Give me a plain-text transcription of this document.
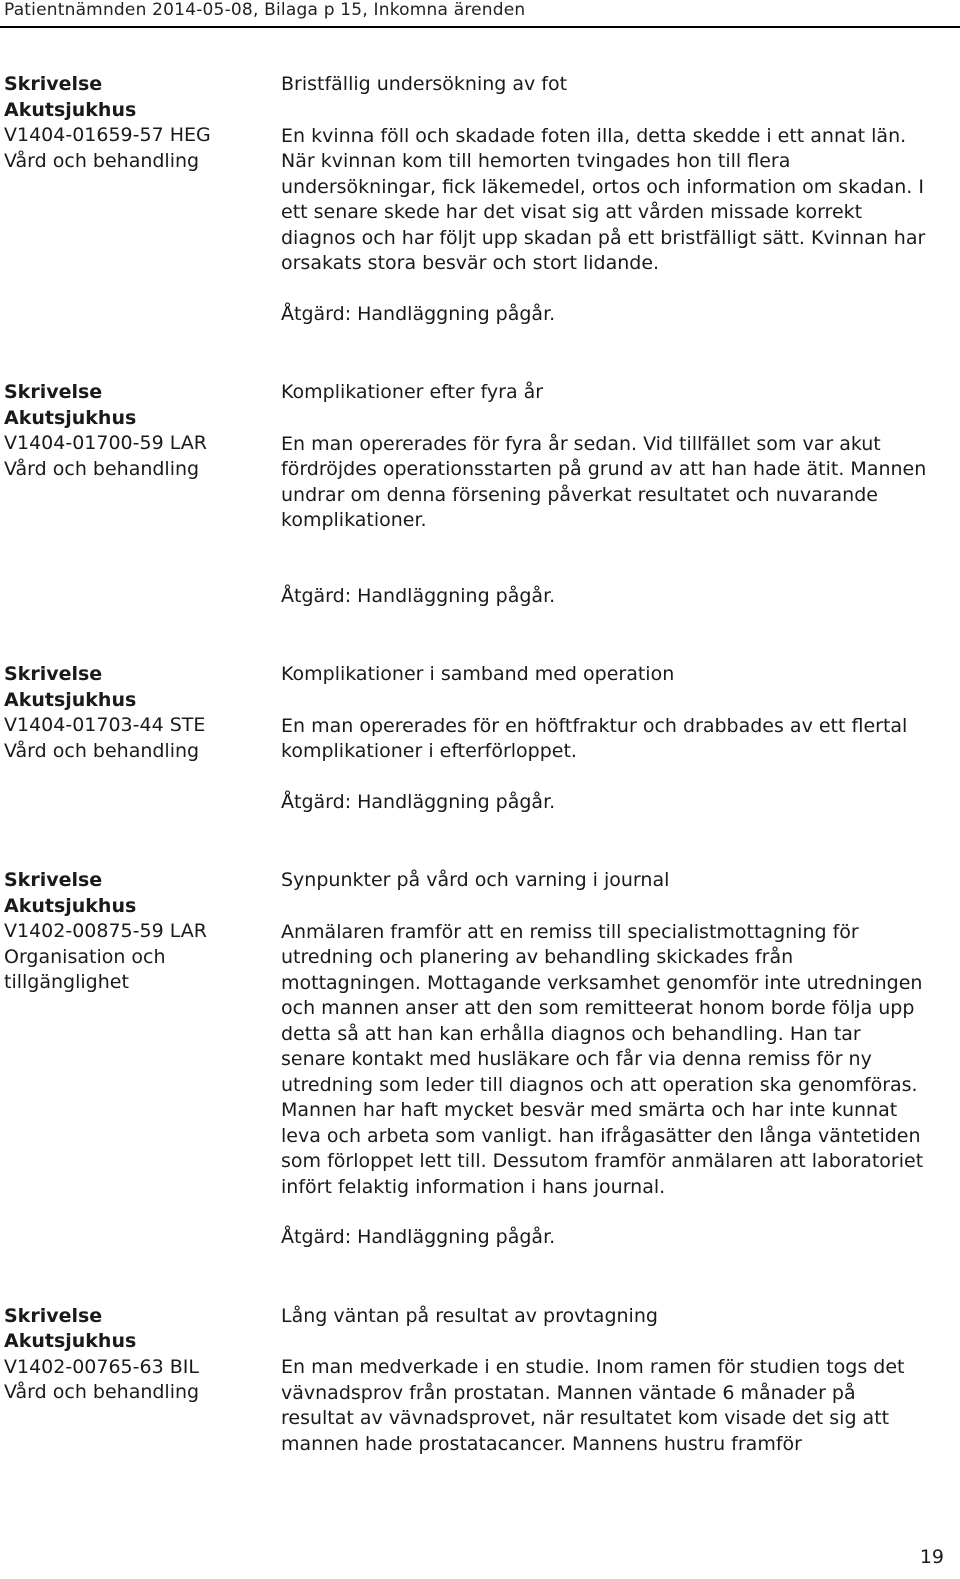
Patientnämnden 2014-05-08, Bilaga p 15, Inkomna ärenden
Skrivelse
Akutsjukhus
V1404-01659-57 HEG
Vård och behandling
Bristfällig undersökning av fot
En kvinna föll och skadade foten illa, detta skedde i ett annat län. När kvinnan kom till hemorten tvingades hon till flera undersökningar, fick läkemedel, ortos och information om skadan. I ett senare skede har det visat sig att vården missade korrekt diagnos och har följt upp skadan på ett bristfälligt sätt. Kvinnan har orsakats stora besvär och stort lidande.
Åtgärd: Handläggning pågår.
Skrivelse
Akutsjukhus
V1404-01700-59 LAR
Vård och behandling
Komplikationer efter fyra år
En man opererades för fyra år sedan. Vid tillfället som var akut fördröjdes operationsstarten på grund av att han hade ätit. Mannen undrar om denna försening påverkat resultatet och nuvarande komplikationer.
Åtgärd: Handläggning pågår.
Skrivelse
Akutsjukhus
V1404-01703-44 STE
Vård och behandling
Komplikationer i samband med operation
En man opererades för en höftfraktur och drabbades av ett flertal komplikationer i efterförloppet.
Åtgärd: Handläggning pågår.
Skrivelse
Akutsjukhus
V1402-00875-59 LAR
Organisation och tillgänglighet
Synpunkter på vård och varning i journal
Anmälaren framför att en remiss till specialistmottagning för utredning och planering av behandling skickades från mottagningen. Mottagande verksamhet genomför inte utredningen och mannen anser att den som remitteerat honom borde följa upp detta så att han kan erhålla diagnos och behandling. Han tar senare kontakt med husläkare och får via denna remiss för ny utredning som leder till diagnos och att operation ska genomföras. Mannen har haft mycket besvär med smärta och har inte kunnat leva och arbeta som vanligt. han ifrågasätter den långa väntetiden som förloppet lett till. Dessutom framför anmälaren att laboratoriet infört felaktig information i hans journal.
Åtgärd: Handläggning pågår.
Skrivelse
Akutsjukhus
V1402-00765-63 BIL
Vård och behandling
Lång väntan på resultat av provtagning
En man medverkade i en studie. Inom ramen för studien togs det vävnadsprov från prostatan. Mannen väntade 6 månader på resultat av vävnadsprovet, när resultatet kom visade det sig att mannen hade prostatacancer. Mannens hustru framför
19
